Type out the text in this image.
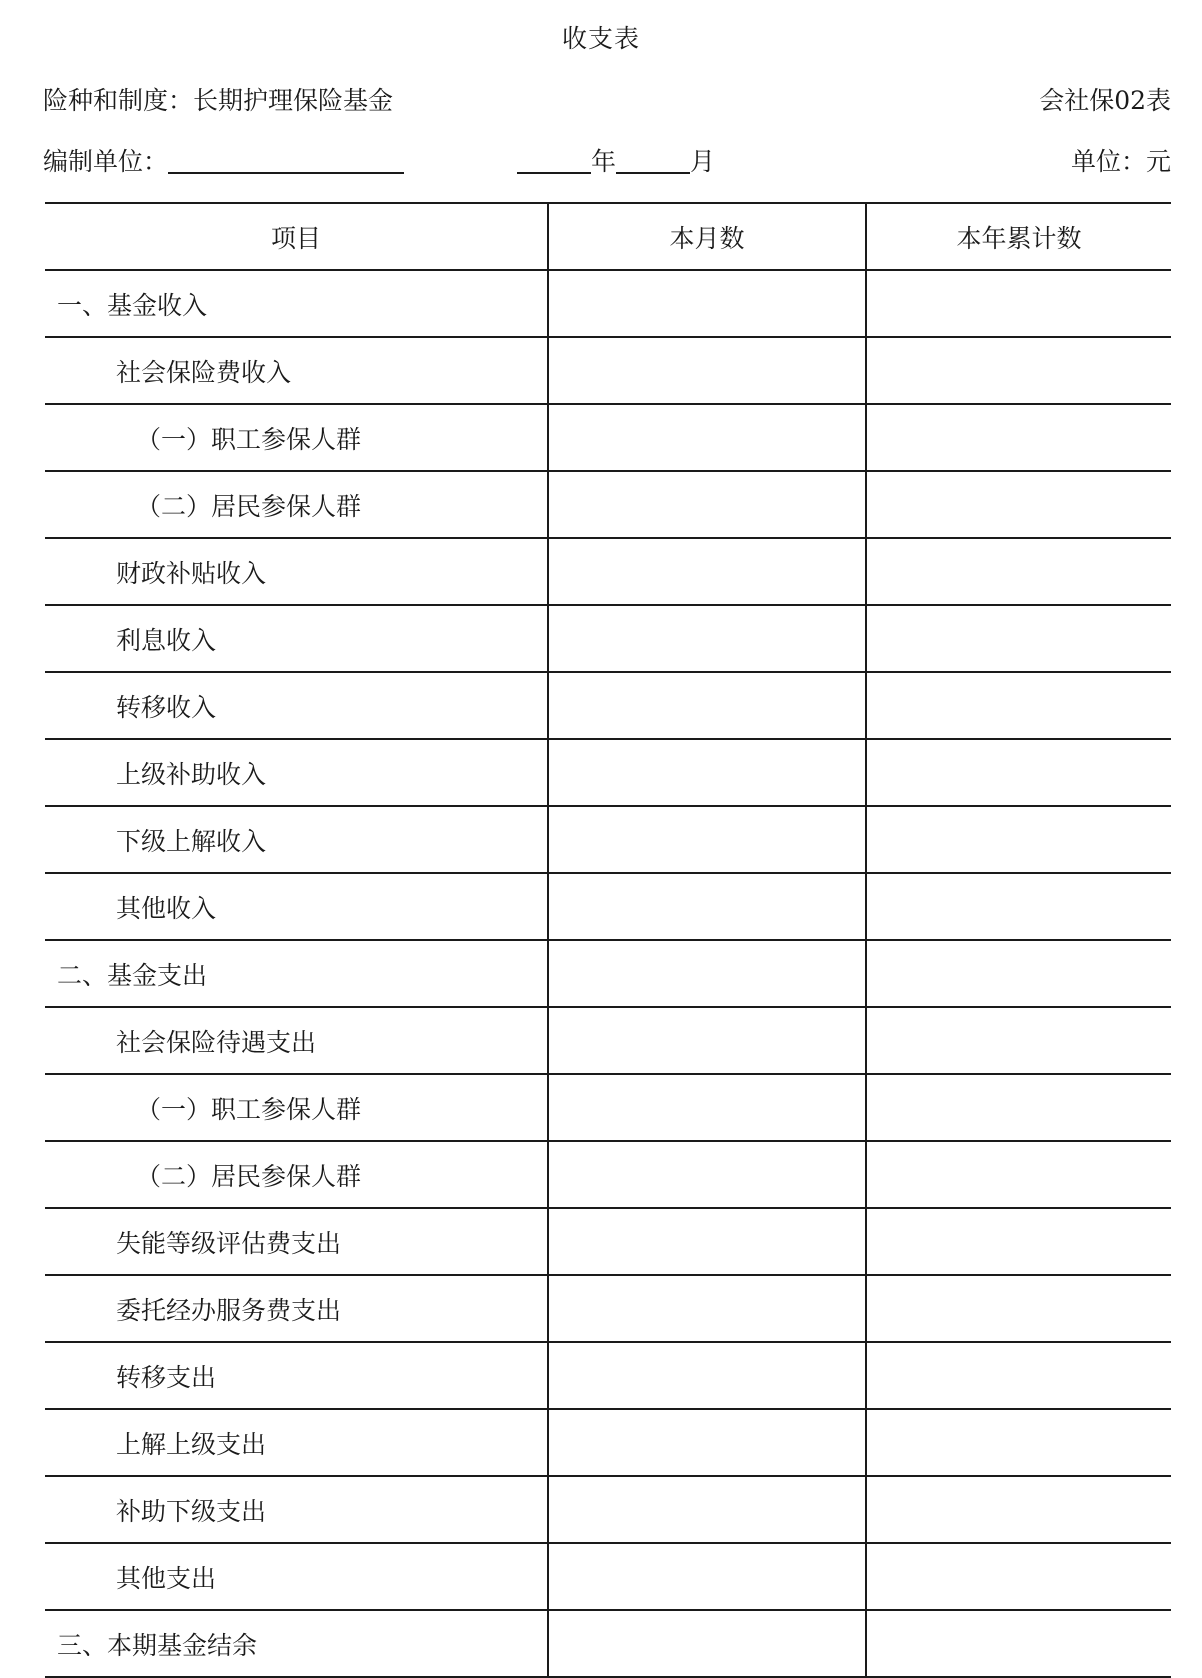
收支表
险种和制度：长期护理保险基金	会社保02表
编制单位：	年	月	单位：元
项目	本月数	本年累计数
一、基金收入		
社会保险费收入		
（一）职工参保人群		
（二）居民参保人群		
财政补贴收入		
利息收入		
转移收入		
上级补助收入		
下级上解收入		
其他收入		
二、基金支出		
社会保险待遇支出		
（一）职工参保人群		
（二）居民参保人群		
失能等级评估费支出		
委托经办服务费支出		
转移支出		
上解上级支出		
补助下级支出		
其他支出		
三、本期基金结余		
